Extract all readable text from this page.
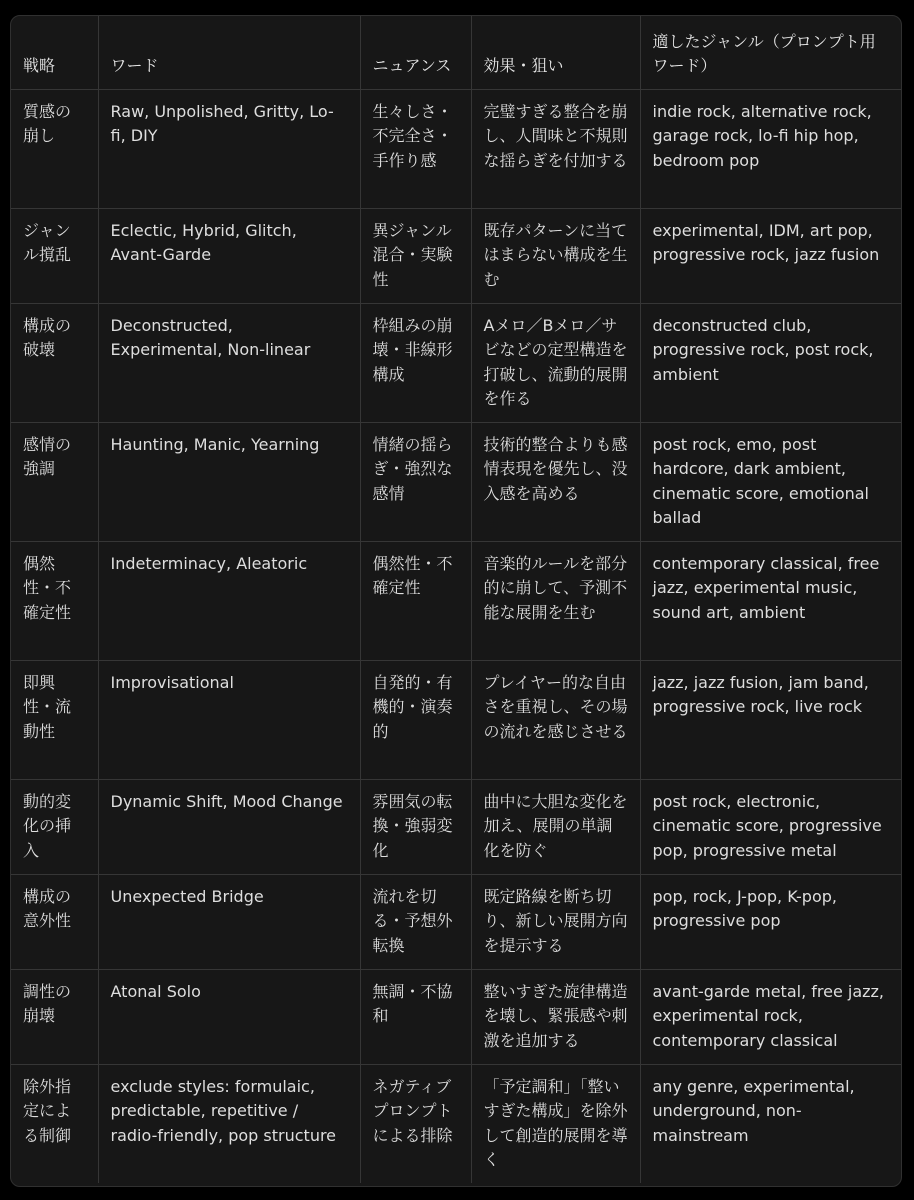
戦略	ワード	ニュアンス	効果・狙い	適したジャンル（プロンプト用ワード）
質感の崩し	Raw, Unpolished, Gritty, Lo-fi, DIY	生々しさ・不完全さ・手作り感	完璧すぎる整合を崩し、人間味と不規則な揺らぎを付加する	indie rock, alternative rock, garage rock, lo-fi hip hop, bedroom pop
ジャンル撹乱	Eclectic, Hybrid, Glitch, Avant-Garde	異ジャンル混合・実験性	既存パターンに当てはまらない構成を生む	experimental, IDM, art pop, progressive rock, jazz fusion
構成の破壊	Deconstructed, Experimental, Non-linear	枠組みの崩壊・非線形構成	Aメロ／Bメロ／サビなどの定型構造を打破し、流動的展開を作る	deconstructed club, progressive rock, post rock, ambient
感情の強調	Haunting, Manic, Yearning	情緒の揺らぎ・強烈な感情	技術的整合よりも感情表現を優先し、没入感を高める	post rock, emo, post hardcore, dark ambient, cinematic score, emotional ballad
偶然性・不確定性	Indeterminacy, Aleatoric	偶然性・不確定性	音楽的ルールを部分的に崩して、予測不能な展開を生む	contemporary classical, free jazz, experimental music, sound art, ambient
即興性・流動性	Improvisational	自発的・有機的・演奏的	プレイヤー的な自由さを重視し、その場の流れを感じさせる	jazz, jazz fusion, jam band, progressive rock, live rock
動的変化の挿入	Dynamic Shift, Mood Change	雰囲気の転換・強弱変化	曲中に大胆な変化を加え、展開の単調化を防ぐ	post rock, electronic, cinematic score, progressive pop, progressive metal
構成の意外性	Unexpected Bridge	流れを切る・予想外転換	既定路線を断ち切り、新しい展開方向を提示する	pop, rock, J-pop, K-pop, progressive pop
調性の崩壊	Atonal Solo	無調・不協和	整いすぎた旋律構造を壊し、緊張感や刺激を追加する	avant-garde metal, free jazz, experimental rock, contemporary classical
除外指定による制御	exclude styles: formulaic, predictable, repetitive / radio-friendly, pop structure	ネガティブプロンプトによる排除	「予定調和」「整いすぎた構成」を除外して創造的展開を導く	any genre, experimental, underground, non-mainstream
